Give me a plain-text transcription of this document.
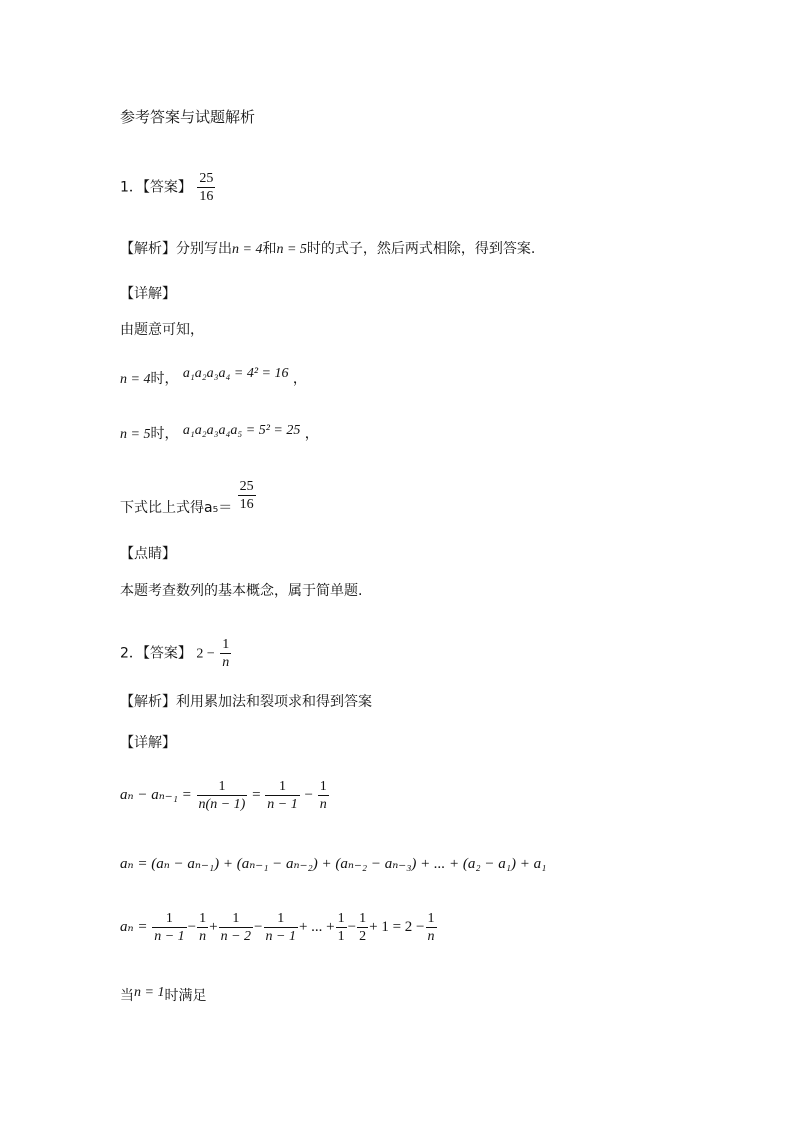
参考答案与试题解析
1．【答案】 $\frac{25}{16}$
【解析】分别写出n = 4和n = 5时的式子，然后两式相除，得到答案.
【详解】
由题意可知，
n = 4时， a₁a₂a₃a₄ = 4² = 16 ，
n = 5时， a₁a₂a₃a₄a₅ = 5² = 25 ，
下式比上式得$a_5= \frac{25}{16}$
【点睛】
本题考查数列的基本概念，属于简单题.
2．【答案】 $2 - \frac{1}{n}$
【解析】利用累加法和裂项求和得到答案
【详解】
$a_n - a_{n-1} = \frac{1}{n(n - 1)} = \frac{1}{n - 1} - \frac{1}{n}$
aₙ = (aₙ − aₙ₋₁) + (aₙ₋₁ − aₙ₋₂) + (aₙ₋₂ − aₙ₋₃) + ... + (a₂ − a₁) + a₁
$a_n = \frac{1}{n - 1} - \frac{1}{n} + \frac{1}{n - 2} - \frac{1}{n - 1}$ + ... + $\frac{1}{1} - \frac{1}{2} + 1 = 2 - \frac{1}{n}$
当n = 1时满足
